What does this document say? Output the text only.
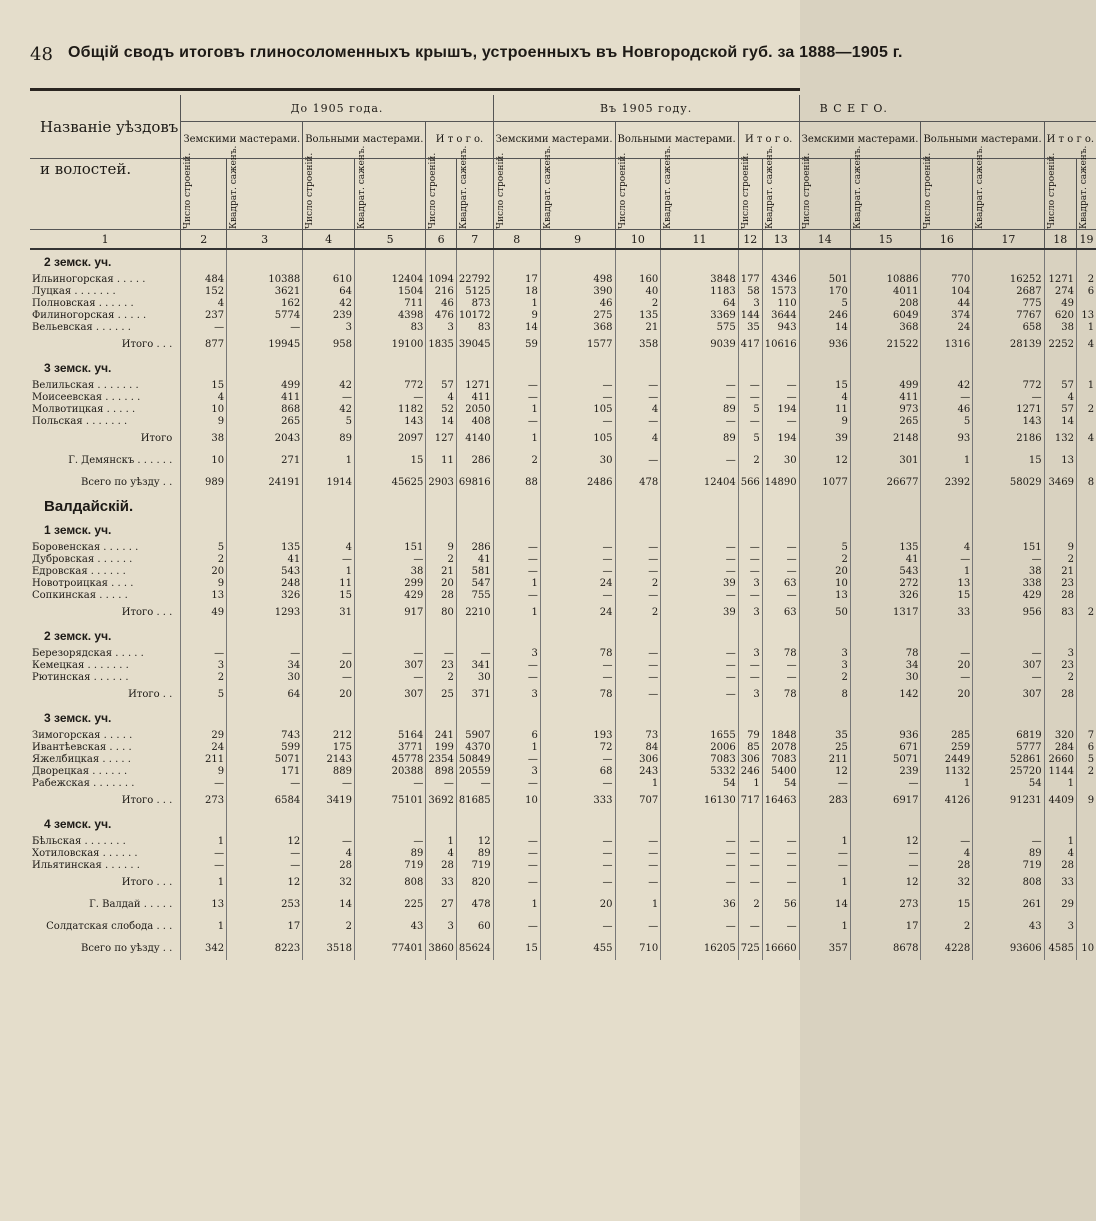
48 Общій сводъ итоговъ глиносоломенныхъ крышъ, устроенныхъ въ Новгородской губ. за 1888—1905 г.
Названіе уѣздовъ	До 1905 года.						Въ 1905 году.						В С Е Г О.					
	Земскими мастерами.		Вольными мастерами.		И т о г о.		Земскими мастерами.		Вольными мастерами.		И т о г о.		Земскими мастерами.		Вольными мастерами.		И т о г о.	
и волостей.	Число строеній.	Квадрат. саженъ.	Число строеній.	Квадрат. саженъ.	Число строеній.	Квадрат. саженъ.	Число строеній.	Квадрат. саженъ.	Число строеній.	Квадрат. саженъ.	Число строеній.	Квадрат. саженъ.	Число строеній.	Квадрат. саженъ.	Число строеній.	Квадрат. саженъ.	Число строеній.	Квадрат. саженъ.

1	2	3	4	5	6	7	8	9	10	11	12	13	14	15	16	17	18	19
2 земск. уч.																		
Ильиногорская . . . . .	484	10388	610	12404	1094	22792	17	498	160	3848	177	4346	501	10886	770	16252	1271	2
Луцкая . . . . . . .	152	3621	64	1504	216	5125	18	390	40	1183	58	1573	170	4011	104	2687	274	6
Полновская . . . . . .	4	162	42	711	46	873	1	46	2	64	3	110	5	208	44	775	49	
Филиногорская . . . . .	237	5774	239	4398	476	10172	9	275	135	3369	144	3644	246	6049	374	7767	620	13
Вельевская . . . . . .	—	—	3	83	3	83	14	368	21	575	35	943	14	368	24	658	38	1
Итого . . .	877	19945	958	19100	1835	39045	59	1577	358	9039	417	10616	936	21522	1316	28139	2252	4
3 земск. уч.																		
Велильская . . . . . . .	15	499	42	772	57	1271	—	—	—	—	—	—	15	499	42	772	57	1
Моисеевская . . . . . .	4	411	—	—	4	411	—	—	—	—	—	—	4	411	—	—	4	
Молвотицкая . . . . .	10	868	42	1182	52	2050	1	105	4	89	5	194	11	973	46	1271	57	2
Польская . . . . . . .	9	265	5	143	14	408	—	—	—	—	—	—	9	265	5	143	14	
Итого	38	2043	89	2097	127	4140	1	105	4	89	5	194	39	2148	93	2186	132	4
Г. Демянскъ . . . . . .	10	271	1	15	11	286	2	30	—	—	2	30	12	301	1	15	13	
Всего по уѣзду . .	989	24191	1914	45625	2903	69816	88	2486	478	12404	566	14890	1077	26677	2392	58029	3469	8
Валдайскій.																		
1 земск. уч.																		
Боровенская . . . . . .	5	135	4	151	9	286	—	—	—	—	—	—	5	135	4	151	9	
Дубровская . . . . . .	2	41	—	—	2	41	—	—	—	—	—	—	2	41	—	—	2	
Едровская . . . . . .	20	543	1	38	21	581	—	—	—	—	—	—	20	543	1	38	21	
Новотроицкая . . . .	9	248	11	299	20	547	1	24	2	39	3	63	10	272	13	338	23	
Сопкинская . . . . .	13	326	15	429	28	755	—	—	—	—	—	—	13	326	15	429	28	
Итого . . .	49	1293	31	917	80	2210	1	24	2	39	3	63	50	1317	33	956	83	2
2 земск. уч.																		
Березорядская . . . . .	—	—	—	—	—	—	3	78	—	—	3	78	3	78	—	—	3	
Кемецкая . . . . . . .	3	34	20	307	23	341	—	—	—	—	—	—	3	34	20	307	23	
Рютинская . . . . . .	2	30	—	—	2	30	—	—	—	—	—	—	2	30	—	—	2	
Итого . .	5	64	20	307	25	371	3	78	—	—	3	78	8	142	20	307	28	
3 земск. уч.																		
Зимогорская . . . . .	29	743	212	5164	241	5907	6	193	73	1655	79	1848	35	936	285	6819	320	7
Ивантѣевская . . . .	24	599	175	3771	199	4370	1	72	84	2006	85	2078	25	671	259	5777	284	6
Яжелбицкая . . . . .	211	5071	2143	45778	2354	50849	—	—	306	7083	306	7083	211	5071	2449	52861	2660	5
Дворецкая . . . . . .	9	171	889	20388	898	20559	3	68	243	5332	246	5400	12	239	1132	25720	1144	2
Рабежская . . . . . . .	—	—	—	—	—	—	—	—	1	54	1	54	—	—	1	54	1	
Итого . . .	273	6584	3419	75101	3692	81685	10	333	707	16130	717	16463	283	6917	4126	91231	4409	9
4 земск. уч.																		
Бѣльская . . . . . . .	1	12	—	—	1	12	—	—	—	—	—	—	1	12	—	—	1	
Хотиловская . . . . . .	—	—	4	89	4	89	—	—	—	—	—	—	—	—	4	89	4	
Ильятинская . . . . . .	—	—	28	719	28	719	—	—	—	—	—	—	—	—	28	719	28	
Итого . . .	1	12	32	808	33	820	—	—	—	—	—	—	1	12	32	808	33	
Г. Валдай . . . . .	13	253	14	225	27	478	1	20	1	36	2	56	14	273	15	261	29	
Солдатская слобода . . .	1	17	2	43	3	60	—	—	—	—	—	—	1	17	2	43	3	
Всего по уѣзду . .	342	8223	3518	77401	3860	85624	15	455	710	16205	725	16660	357	8678	4228	93606	4585	10
